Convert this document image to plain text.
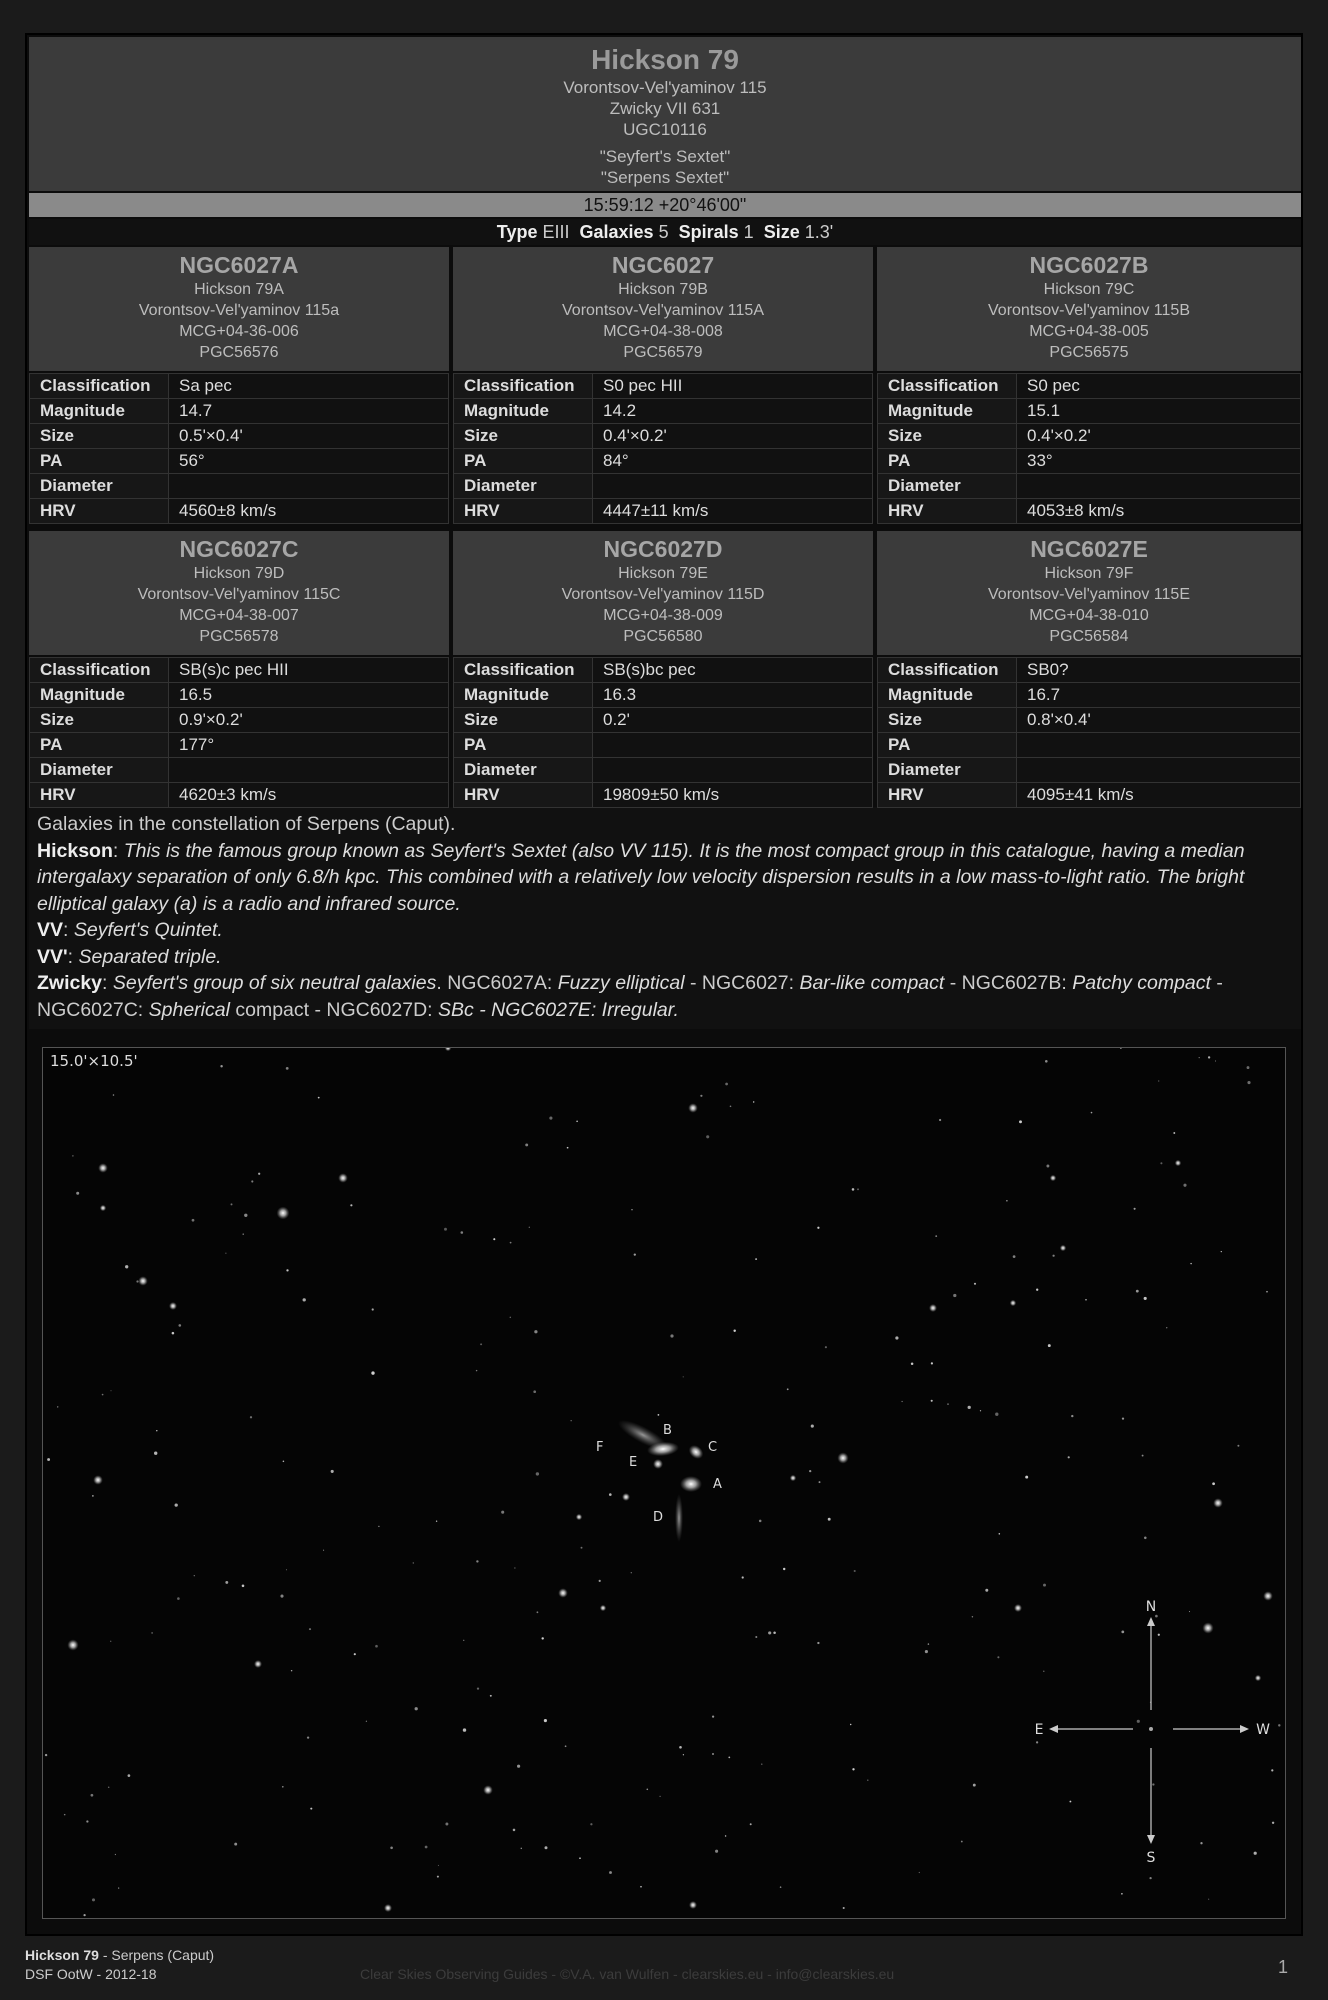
Hickson 79
Vorontsov-Vel'yaminov 115
Zwicky VII 631
UGC10116
"Seyfert's Sextet"
"Serpens Sextet"
15:59:12 +20°46'00"
Type EIII Galaxies 5 Spirals 1 Size 1.3'
Galaxies in the constellation of Serpens (Caput).
Hickson: This is the famous group known as Seyfert's Sextet (also VV 115). It is the most compact group in this catalogue, having a median intergalaxy separation of only 6.8/h kpc. This combined with a relatively low velocity dispersion results in a low mass-to-light ratio. The bright elliptical galaxy (a) is a radio and infrared source.
VV: Seyfert's Quintet.
VV': Separated triple.
Zwicky: Seyfert's group of six neutral galaxies. NGC6027A: Fuzzy elliptical - NGC6027: Bar-like compact - NGC6027B: Patchy compact - NGC6027C: Spherical compact - NGC6027D: SBc - NGC6027E: Irregular.
B
C
F
E
A
D
N
S
E	W
15.0'×10.5'
NGC6027A
Hickson 79A
Vorontsov-Vel'yaminov 115a
MCG+04-36-006
PGC56576
Classification	Sa pec
Magnitude	14.7
Size	0.5'×0.4'
PA	56°
Diameter	
HRV	4560±8 km/s
NGC6027
Hickson 79B
Vorontsov-Vel'yaminov 115A
MCG+04-38-008
PGC56579
Classification	S0 pec HII
Magnitude	14.2
Size	0.4'×0.2'
PA	84°
Diameter	
HRV	4447±11 km/s
NGC6027B
Hickson 79C
Vorontsov-Vel'yaminov 115B
MCG+04-38-005
PGC56575
Classification	S0 pec
Magnitude	15.1
Size	0.4'×0.2'
PA	33°
Diameter	
HRV	4053±8 km/s
NGC6027C
Hickson 79D
Vorontsov-Vel'yaminov 115C
MCG+04-38-007
PGC56578
Classification	SB(s)c pec HII
Magnitude	16.5
Size	0.9'×0.2'
PA	177°
Diameter	
HRV	4620±3 km/s
NGC6027D
Hickson 79E
Vorontsov-Vel'yaminov 115D
MCG+04-38-009
PGC56580
Classification	SB(s)bc pec
Magnitude	16.3
Size	0.2'
PA	
Diameter	
HRV	19809±50 km/s
NGC6027E
Hickson 79F
Vorontsov-Vel'yaminov 115E
MCG+04-38-010
PGC56584
Classification	SB0?
Magnitude	16.7
Size	0.8'×0.4'
PA	
Diameter	
HRV	4095±41 km/s
Hickson 79 - Serpens (Caput)
DSF OotW - 2012-18	Clear Skies Observing Guides - ©V.A. van Wulfen - clearskies.eu - info@clearskies.eu	1
